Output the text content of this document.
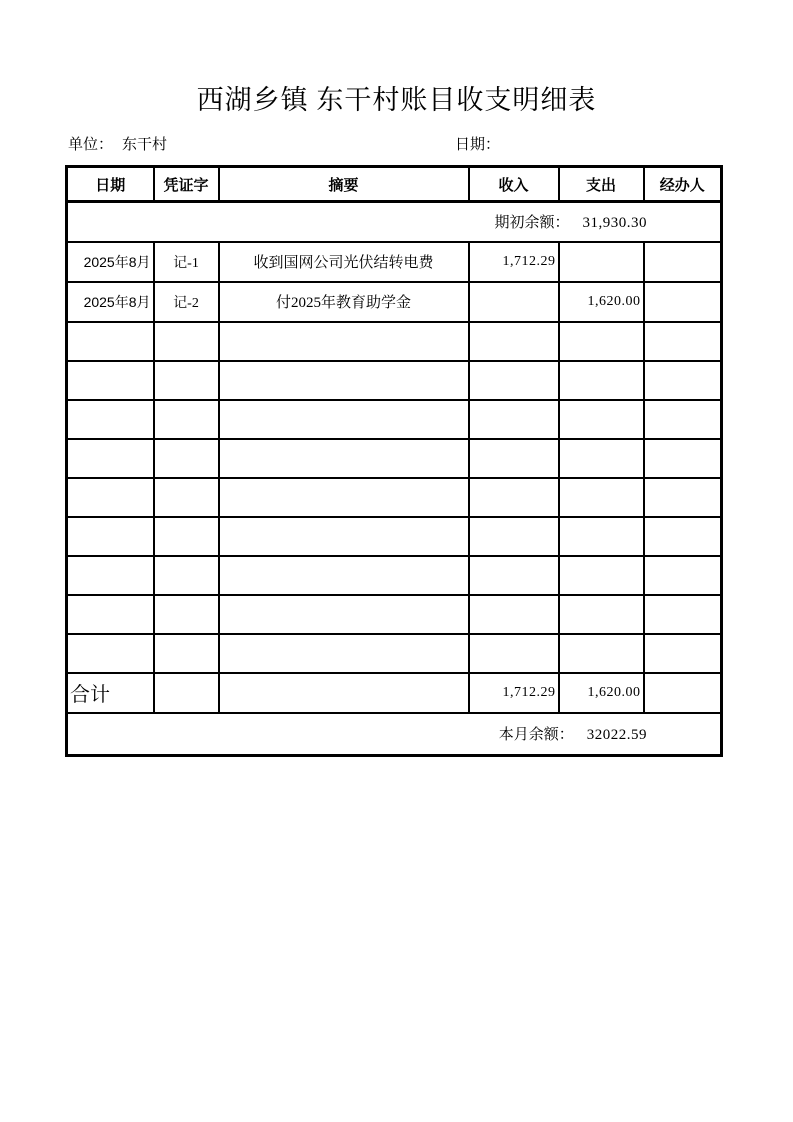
西湖乡镇 东干村账目收支明细表
单位： 东干村	日期：
日期	凭证字	摘要	收入	支出	经办人
期初余额： 31,930.30					
2025年8月	记-1	收到国网公司光伏结转电费	1,712.29		
2025年8月	记-2	付2025年教育助学金		1,620.00	

合计			1,712.29	1,620.00	
本月余额： 32022.59					
